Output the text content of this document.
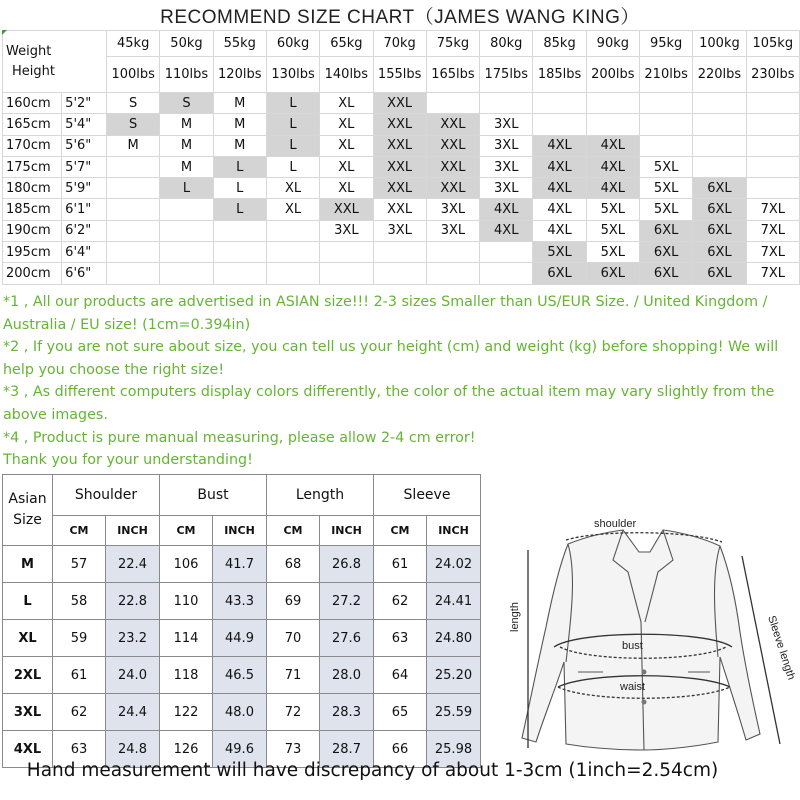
RECOMMEND SIZE CHART（JAMES WANG KING）
Weight
Height		45kg	50kg	55kg	60kg	65kg	70kg	75kg	80kg	85kg	90kg	95kg	100kg	105kg
		100lbs	110lbs	120lbs	130lbs	140lbs	155lbs	165lbs	175lbs	185lbs	200lbs	210lbs	220lbs	230lbs
160cm	5'2"	S	S	M	L	XL	XXL							
165cm	5'4"	S	M	M	L	XL	XXL	XXL	3XL					
170cm	5'6"	M	M	M	L	XL	XXL	XXL	3XL	4XL	4XL			
175cm	5'7"		M	L	L	XL	XXL	XXL	3XL	4XL	4XL	5XL		
180cm	5'9"		L	L	XL	XL	XXL	XXL	3XL	4XL	4XL	5XL	6XL	
185cm	6'1"			L	XL	XXL	XXL	3XL	4XL	4XL	5XL	5XL	6XL	7XL
190cm	6'2"					3XL	3XL	3XL	4XL	4XL	5XL	6XL	6XL	7XL
195cm	6'4"									5XL	5XL	6XL	6XL	7XL
200cm	6'6"									6XL	6XL	6XL	6XL	7XL

*1 , All our products are advertised in ASIAN size!!! 2-3 sizes Smaller than US/EUR Size. / United Kingdom / Australia / EU size! (1cm=0.394in)

*2 , If you are not sure about size, you can tell us your height (cm) and weight (kg) before shopping! We will help you choose the right size!

*3 , As different computers display colors differently, the color of the actual item may vary slightly from the above images.

*4 , Product is pure manual measuring, please allow 2-4 cm error!

Thank you for your understanding!

Asian Size	Shoulder		Bust		Length		Sleeve	
	CM	INCH	CM	INCH	CM	INCH	CM	INCH
M	57	22.4	106	41.7	68	26.8	61	24.02
L	58	22.8	110	43.3	69	27.2	62	24.41
XL	59	23.2	114	44.9	70	27.6	63	24.80
2XL	61	24.0	118	46.5	71	28.0	64	25.20
3XL	62	24.4	122	48.0	72	28.3	65	25.59
4XL	63	24.8	126	49.6	73	28.7	66	25.98
shoulder
length
bust
waist
Sleeve length
Hand measurement will have discrepancy of about 1-3cm (1inch=2.54cm)
